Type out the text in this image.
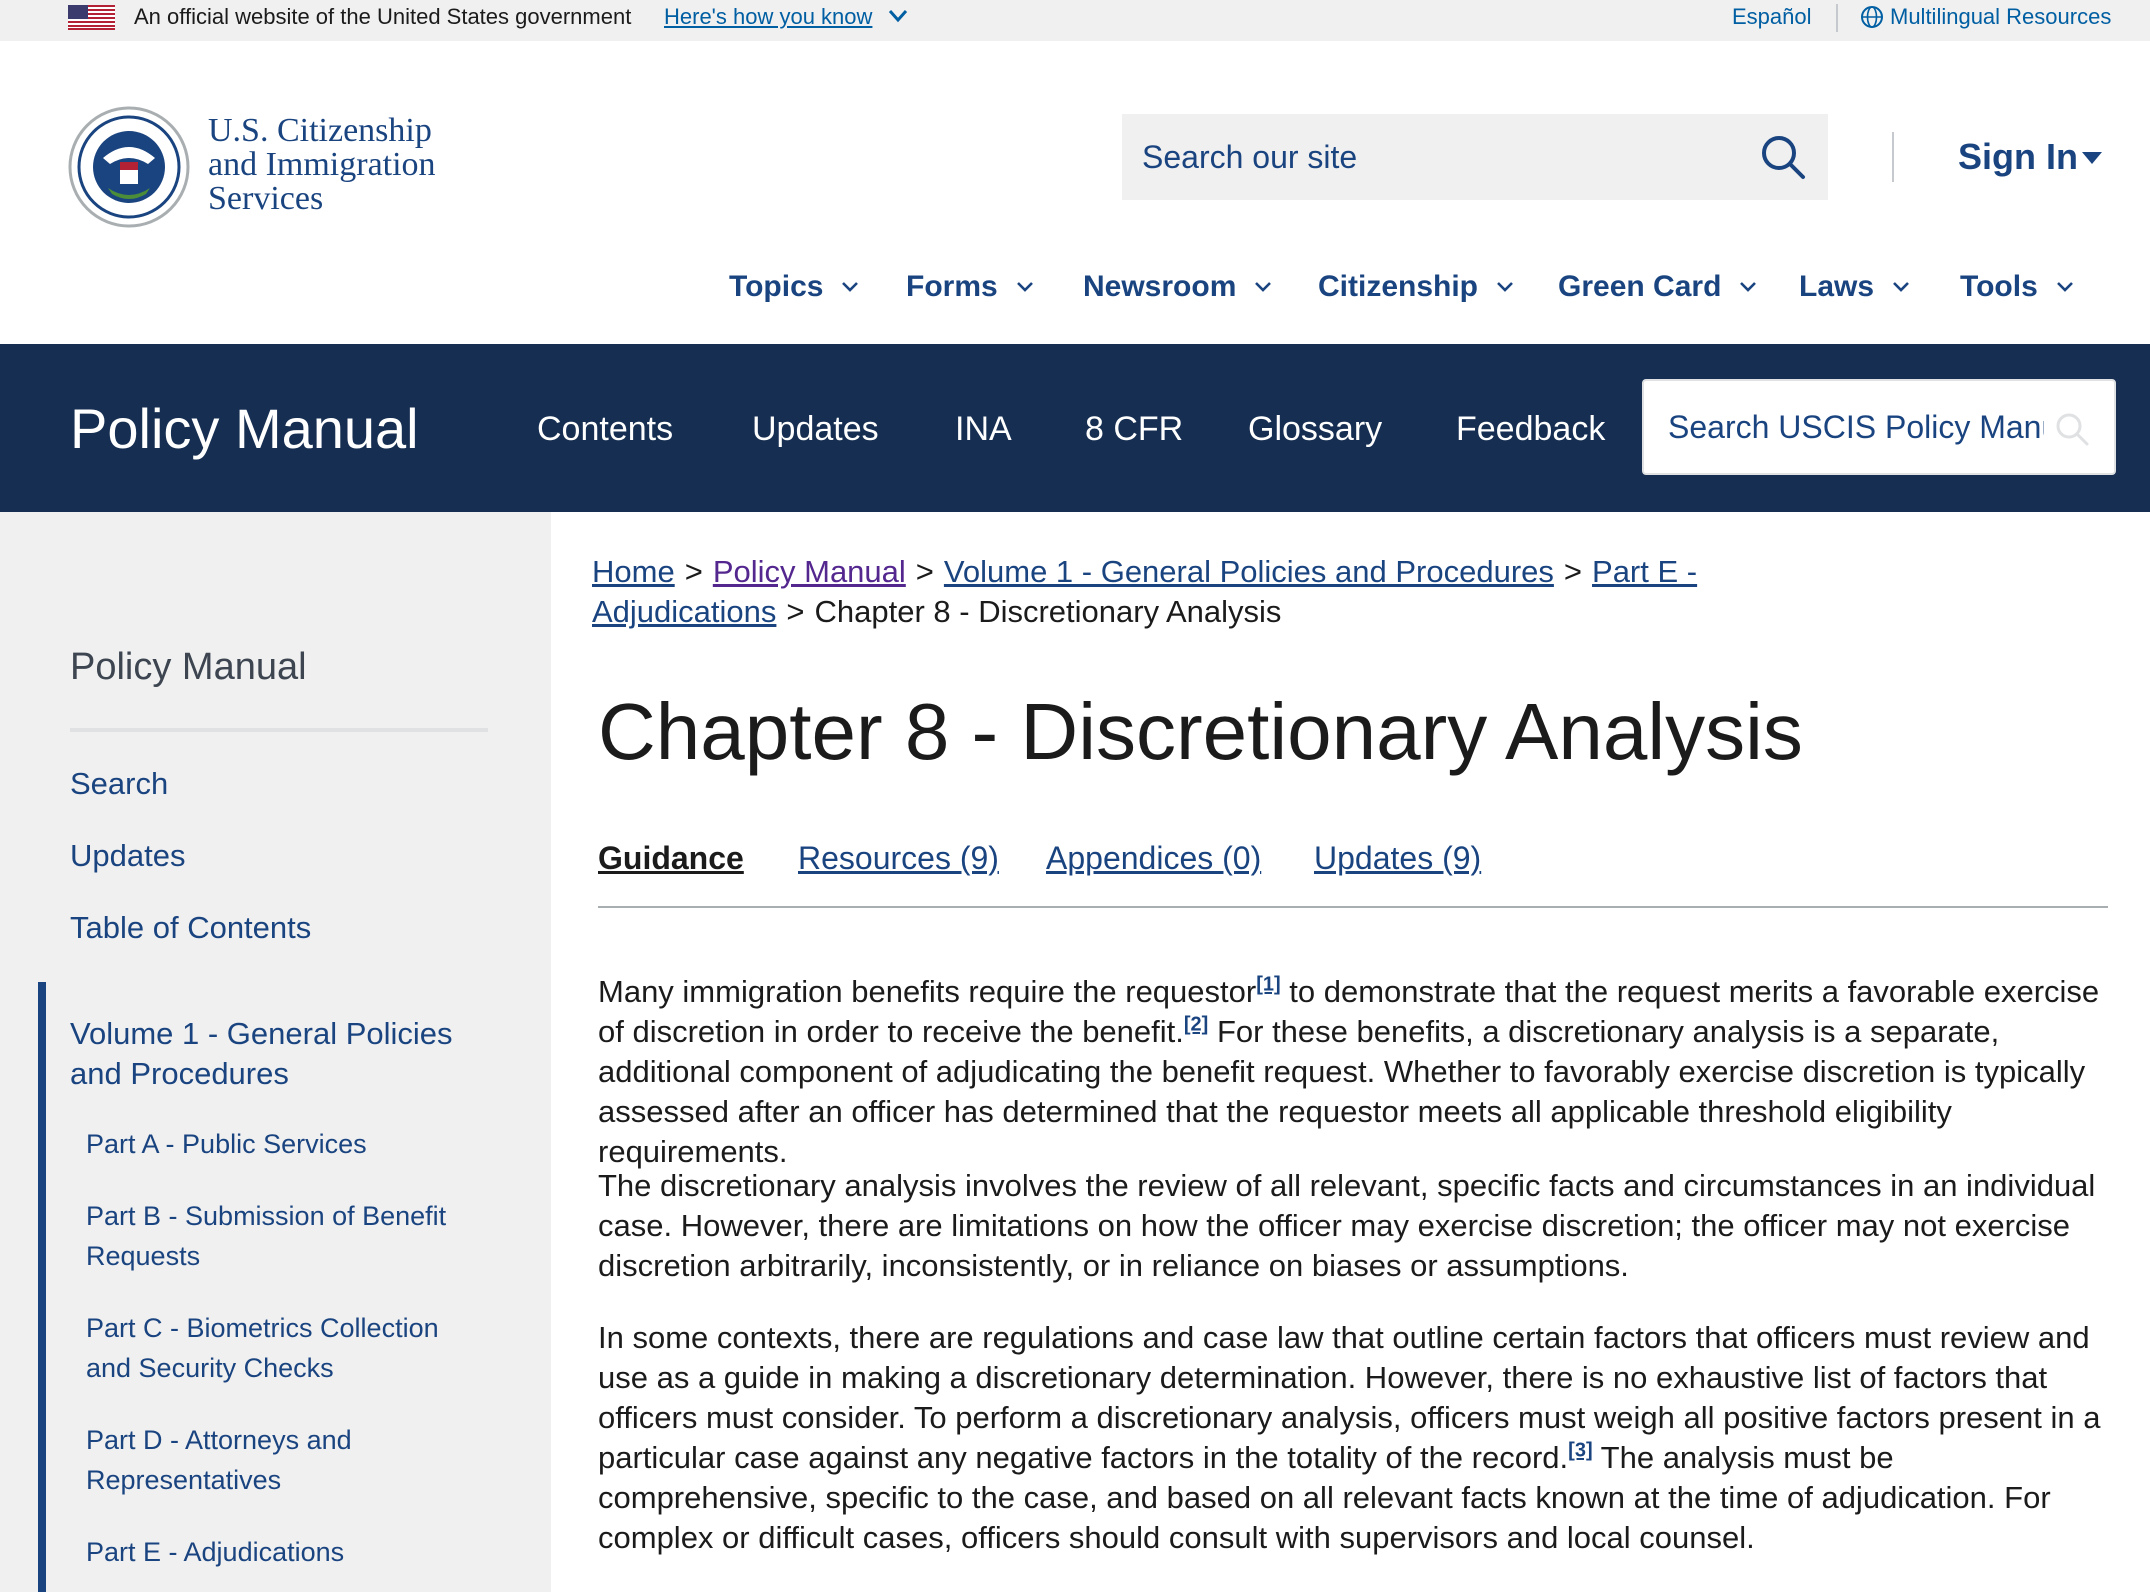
An official website of the United States government Here's how you know	Español	Multilingual Resources
U.S. Citizenship
and Immigration
Services
Search our site
Sign In
Topics	Forms	Newsroom	Citizenship	Green Card	Laws	Tools
Policy Manual	Contents Updates INA 8 CFR Glossary Feedback
Search USCIS Policy Manual
Policy Manual
Search
Updates
Table of Contents
Volume 1 - General Policies and Procedures
Part A - Public Services
Part B - Submission of Benefit Requests
Part C - Biometrics Collection and Security Checks
Part D - Attorneys and Representatives
Part E - Adjudications
Home > Policy Manual > Volume 1 - General Policies and Procedures > Part E - Adjudications > Chapter 8 - Discretionary Analysis
Chapter 8 - Discretionary Analysis
Guidance Resources (9) Appendices (0) Updates (9)

Many immigration benefits require the requestor[1] to demonstrate that the request merits a favorable exercise of discretion in order to receive the benefit.[2] For these benefits, a discretionary analysis is a separate, additional component of adjudicating the benefit request. Whether to favorably exercise discretion is typically assessed after an officer has determined that the requestor meets all applicable threshold eligibility requirements.

The discretionary analysis involves the review of all relevant, specific facts and circumstances in an individual case. However, there are limitations on how the officer may exercise discretion; the officer may not exercise discretion arbitrarily, inconsistently, or in reliance on biases or assumptions.

In some contexts, there are regulations and case law that outline certain factors that officers must review and use as a guide in making a discretionary determination. However, there is no exhaustive list of factors that officers must consider. To perform a discretionary analysis, officers must weigh all positive factors present in a particular case against any negative factors in the totality of the record.[3] The analysis must be comprehensive, specific to the case, and based on all relevant facts known at the time of adjudication. For complex or difficult cases, officers should consult with supervisors and local counsel.
